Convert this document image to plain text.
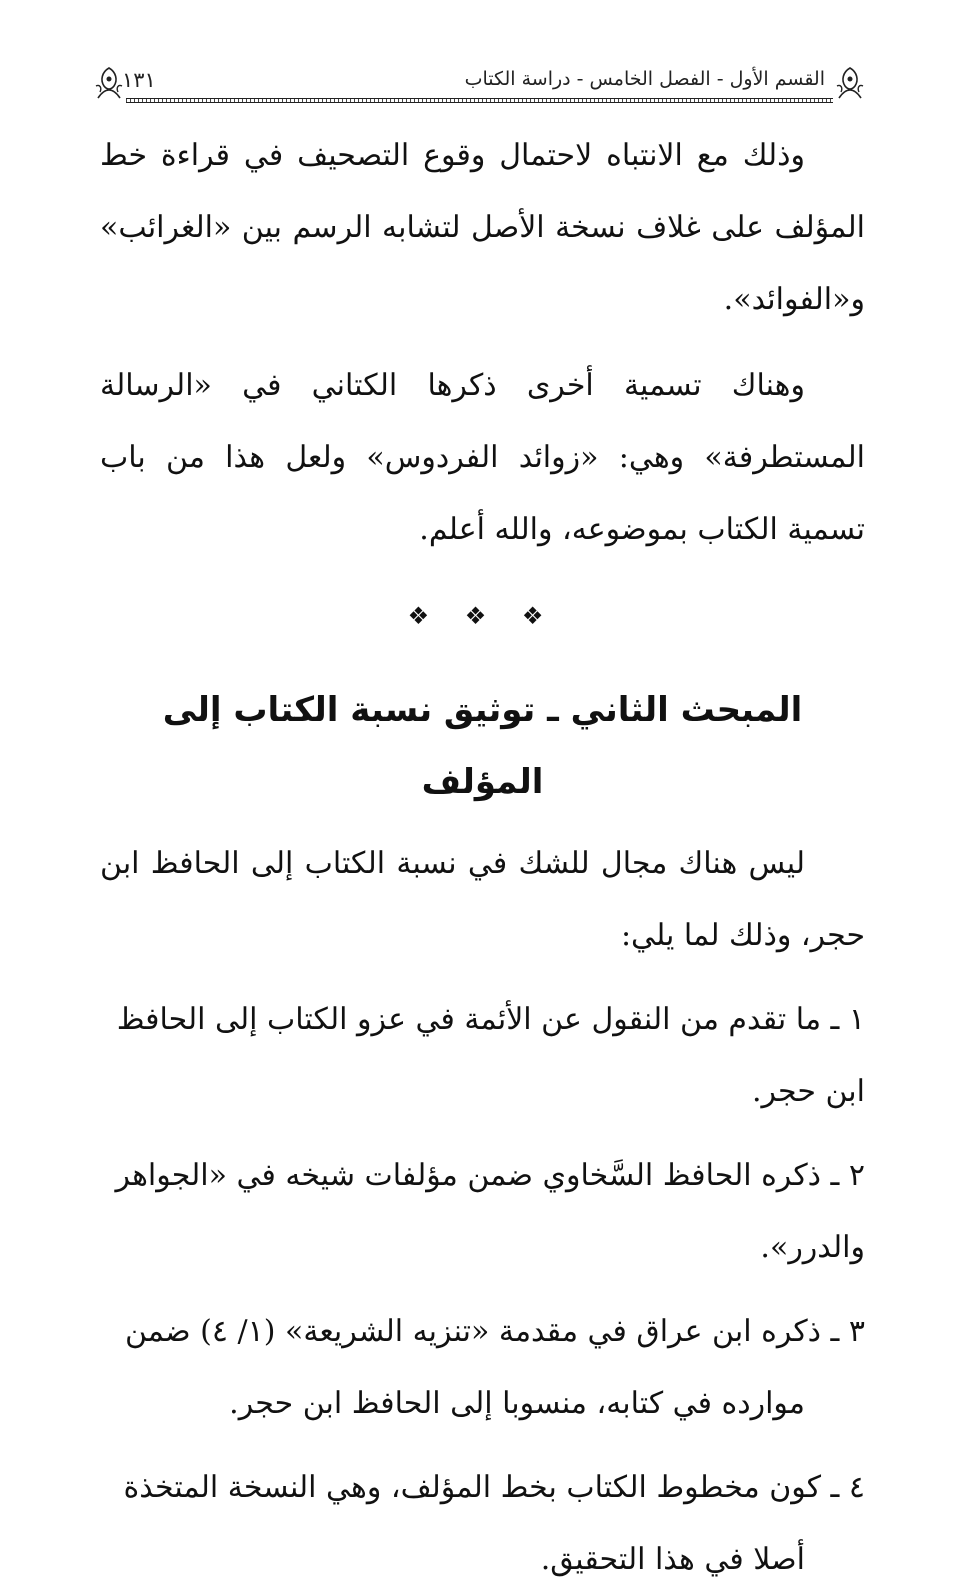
القسم الأول - الفصل الخامس - دراسة الكتاب
١٣١

وذلك مع الانتباه لاحتمال وقوع التصحيف في قراءة خط المؤلف على غلاف نسخة الأصل لتشابه الرسم بين «الغرائب» و«الفوائد».

وهناك تسمية أخرى ذكرها الكتاني في «الرسالة المستطرفة» وهي: «زوائد الفردوس» ولعل هذا من باب تسمية الكتاب بموضوعه، والله أعلم.

❖ ❖ ❖
المبحث الثاني ـ توثيق نسبة الكتاب إلى المؤلف

ليس هناك مجال للشك في نسبة الكتاب إلى الحافظ ابن حجر، وذلك لما يلي:

١ ـ ما تقدم من النقول عن الأئمة في عزو الكتاب إلى الحافظ ابن حجر.

٢ ـ ذكره الحافظ السَّخاوي ضمن مؤلفات شيخه في «الجواهر والدرر».

٣ ـ ذكره ابن عراق في مقدمة «تنزيه الشريعة» (١/ ٤) ضمن موارده في كتابه، منسوبا إلى الحافظ ابن حجر.

٤ ـ كون مخطوط الكتاب بخط المؤلف، وهي النسخة المتخذة أصلا في هذا التحقيق.
